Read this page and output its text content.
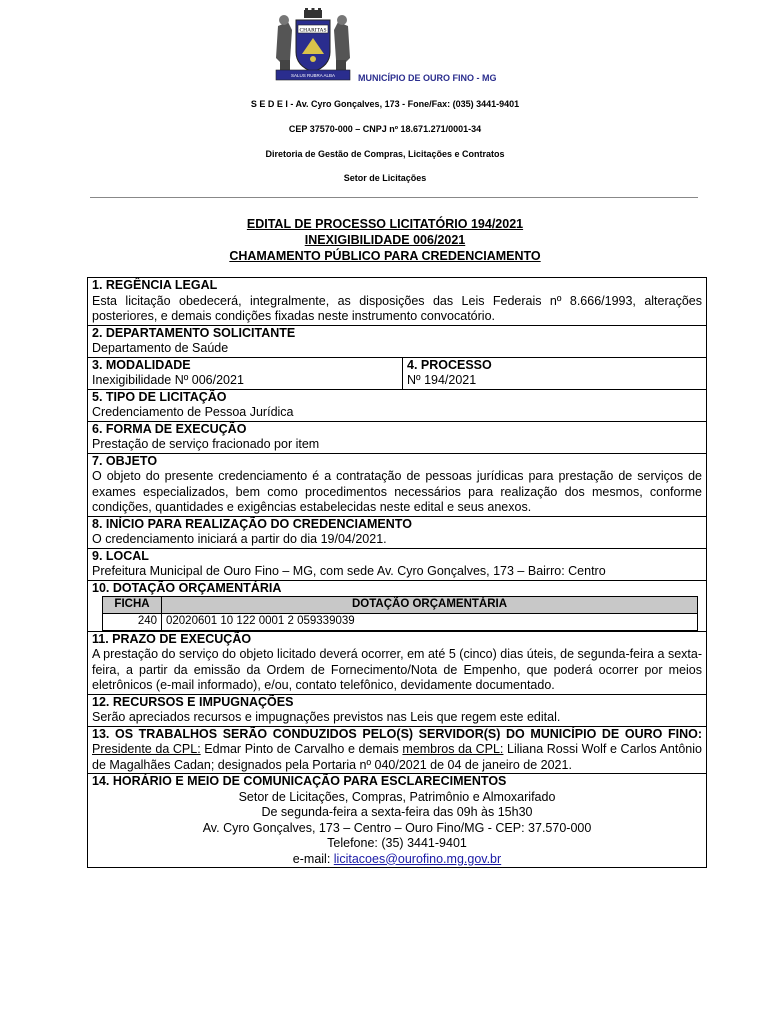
CHARITAS
SALUS RUBRA ALBA	MUNICÍPIO DE OURO FINO - MG
S E D E I - Av. Cyro Gonçalves, 173 - Fone/Fax: (035) 3441-9401
CEP 37570-000 – CNPJ nº 18.671.271/0001-34
Diretoria de Gestão de Compras, Licitações e Contratos
Setor de Licitações
EDITAL DE PROCESSO LICITATÓRIO 194/2021
INEXIGIBILIDADE 006/2021
CHAMAMENTO PÚBLICO PARA CREDENCIAMENTO
1. REGÊNCIA LEGAL
Esta licitação obedecerá, integralmente, as disposições das Leis Federais nº 8.666/1993, alterações posteriores, e demais condições fixadas neste instrumento convocatório.
2. DEPARTAMENTO SOLICITANTE
Departamento de Saúde
3. MODALIDADE
Inexigibilidade Nº 006/2021
4. PROCESSO
Nº 194/2021
5. TIPO DE LICITAÇÃO
Credenciamento de Pessoa Jurídica
6. FORMA DE EXECUÇÃO
Prestação de serviço fracionado por item
7. OBJETO
O objeto do presente credenciamento é a contratação de pessoas jurídicas para prestação de serviços de exames especializados, bem como procedimentos necessários para realização dos mesmos, conforme condições, quantidades e exigências estabelecidas neste edital e seus anexos.
8. INÍCIO PARA REALIZAÇÃO DO CREDENCIAMENTO
O credenciamento iniciará a partir do dia 19/04/2021.
9. LOCAL
Prefeitura Municipal de Ouro Fino – MG, com sede Av. Cyro Gonçalves, 173 – Bairro: Centro
10. DOTAÇÃO ORÇAMENTÁRIA
FICHA	DOTAÇÃO ORÇAMENTÁRIA
240	02020601 10 122 0001 2 059339039
11. PRAZO DE EXECUÇÃO
A prestação do serviço do objeto licitado deverá ocorrer, em até 5 (cinco) dias úteis, de segunda-feira a sexta-feira, a partir da emissão da Ordem de Fornecimento/Nota de Empenho, que poderá ocorrer por meios eletrônicos (e-mail informado), e/ou, contato telefônico, devidamente documentado.
12. RECURSOS E IMPUGNAÇÕES
Serão apreciados recursos e impugnações previstos nas Leis que regem este edital.
13. OS TRABALHOS SERÃO CONDUZIDOS PELO(S) SERVIDOR(S) DO MUNICÍPIO DE OURO FINO: Presidente da CPL: Edmar Pinto de Carvalho e demais membros da CPL: Liliana Rossi Wolf e Carlos Antônio de Magalhães Cadan; designados pela Portaria nº 040/2021 de 04 de janeiro de 2021.
14. HORÁRIO E MEIO DE COMUNICAÇÃO PARA ESCLARECIMENTOS
Setor de Licitações, Compras, Patrimônio e Almoxarifado
De segunda-feira a sexta-feira das 09h às 15h30
Av. Cyro Gonçalves, 173 – Centro – Ouro Fino/MG - CEP: 37.570-000
Telefone: (35) 3441-9401
e-mail: licitacoes@ourofino.mg.gov.br
